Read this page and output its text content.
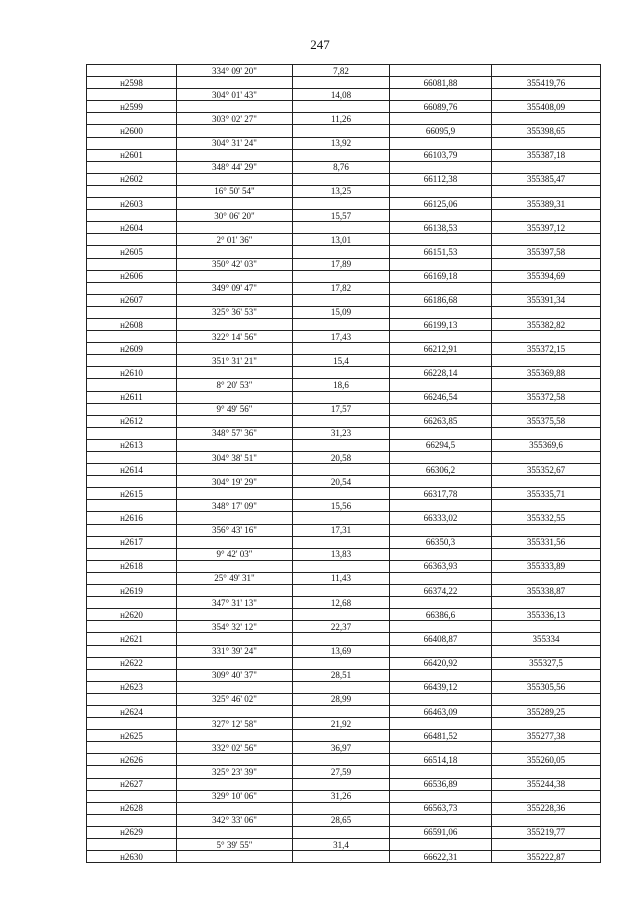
247
	334° 09' 20"	7,82		
н2598			66081,88	355419,76
	304° 01' 43"	14,08		
н2599			66089,76	355408,09
	303° 02' 27"	11,26		
н2600			66095,9	355398,65
	304° 31' 24"	13,92		
н2601			66103,79	355387,18
	348° 44' 29"	8,76		
н2602			66112,38	355385,47
	16° 50' 54"	13,25		
н2603			66125,06	355389,31
	30° 06' 20"	15,57		
н2604			66138,53	355397,12
	2° 01' 36"	13,01		
н2605			66151,53	355397,58
	350° 42' 03"	17,89		
н2606			66169,18	355394,69
	349° 09' 47"	17,82		
н2607			66186,68	355391,34
	325° 36' 53"	15,09		
н2608			66199,13	355382,82
	322° 14' 56"	17,43		
н2609			66212,91	355372,15
	351° 31' 21"	15,4		
н2610			66228,14	355369,88
	8° 20' 53"	18,6		
н2611			66246,54	355372,58
	9° 49' 56"	17,57		
н2612			66263,85	355375,58
	348° 57' 36"	31,23		
н2613			66294,5	355369,6
	304° 38' 51"	20,58		
н2614			66306,2	355352,67
	304° 19' 29"	20,54		
н2615			66317,78	355335,71
	348° 17' 09"	15,56		
н2616			66333,02	355332,55
	356° 43' 16"	17,31		
н2617			66350,3	355331,56
	9° 42' 03"	13,83		
н2618			66363,93	355333,89
	25° 49' 31"	11,43		
н2619			66374,22	355338,87
	347° 31' 13"	12,68		
н2620			66386,6	355336,13
	354° 32' 12"	22,37		
н2621			66408,87	355334
	331° 39' 24"	13,69		
н2622			66420,92	355327,5
	309° 40' 37"	28,51		
н2623			66439,12	355305,56
	325° 46' 02"	28,99		
н2624			66463,09	355289,25
	327° 12' 58"	21,92		
н2625			66481,52	355277,38
	332° 02' 56"	36,97		
н2626			66514,18	355260,05
	325° 23' 39"	27,59		
н2627			66536,89	355244,38
	329° 10' 06"	31,26		
н2628			66563,73	355228,36
	342° 33' 06"	28,65		
н2629			66591,06	355219,77
	5° 39' 55"	31,4		
н2630			66622,31	355222,87
